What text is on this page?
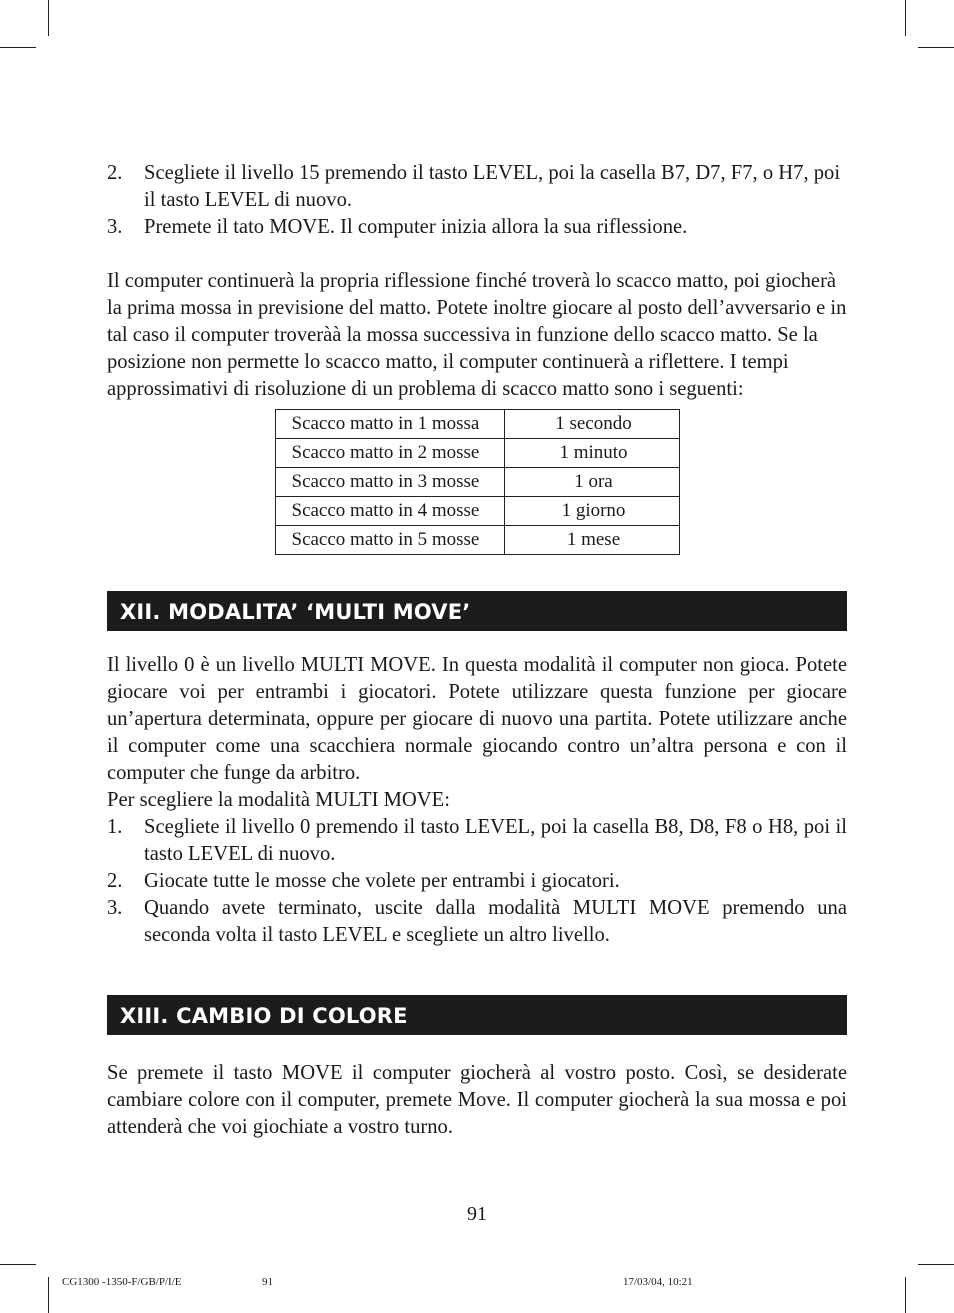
2.	Scegliete il livello 15 premendo il tasto LEVEL, poi la casella B7, D7, F7, o H7, poi il tasto LEVEL di nuovo.
3.	Premete il tato MOVE. Il computer inizia allora la sua riflessione.

Il computer continuerà la propria riflessione finché troverà lo scacco matto, poi giocherà la prima mossa in previsione del matto. Potete inoltre giocare al posto dell’avversario e in tal caso il computer troveràà la mossa successiva in funzione dello scacco matto. Se la posizione non permette lo scacco matto, il computer continuerà a riflettere. I tempi approssimativi di risoluzione di un problema di scacco matto sono i seguenti:

Scacco matto in 1 mossa	1 secondo
Scacco matto in 2 mosse	1 minuto
Scacco matto in 3 mosse	1 ora
Scacco matto in 4 mosse	1 giorno
Scacco matto in 5 mosse	1 mese
XII. MODALITA’ ‘MULTI MOVE’

Il livello 0 è un livello MULTI MOVE. In questa modalità il computer non gioca. Potete giocare voi per entrambi i giocatori. Potete utilizzare questa funzione per giocare un’apertura determinata, oppure per giocare di nuovo una partita. Potete utilizzare anche il computer come una scacchiera normale giocando contro un’altra persona e con il computer che funge da arbitro.

Per scegliere la modalità MULTI MOVE:

1.	Scegliete il livello 0 premendo il tasto LEVEL, poi la casella B8, D8, F8 o H8, poi il tasto LEVEL di nuovo.
2.	Giocate tutte le mosse che volete per entrambi i giocatori.
3.	Quando avete terminato, uscite dalla modalità MULTI MOVE premendo una seconda volta il tasto LEVEL e scegliete un altro livello.
XIII. CAMBIO DI COLORE

Se premete il tasto MOVE il computer giocherà al vostro posto. Così, se desiderate cambiare colore con il computer, premete Move. Il computer giocherà la sua mossa e poi attenderà che voi giochiate a vostro turno.

91
CG1300 -1350-F/GB/P/I/E	91	17/03/04, 10:21
